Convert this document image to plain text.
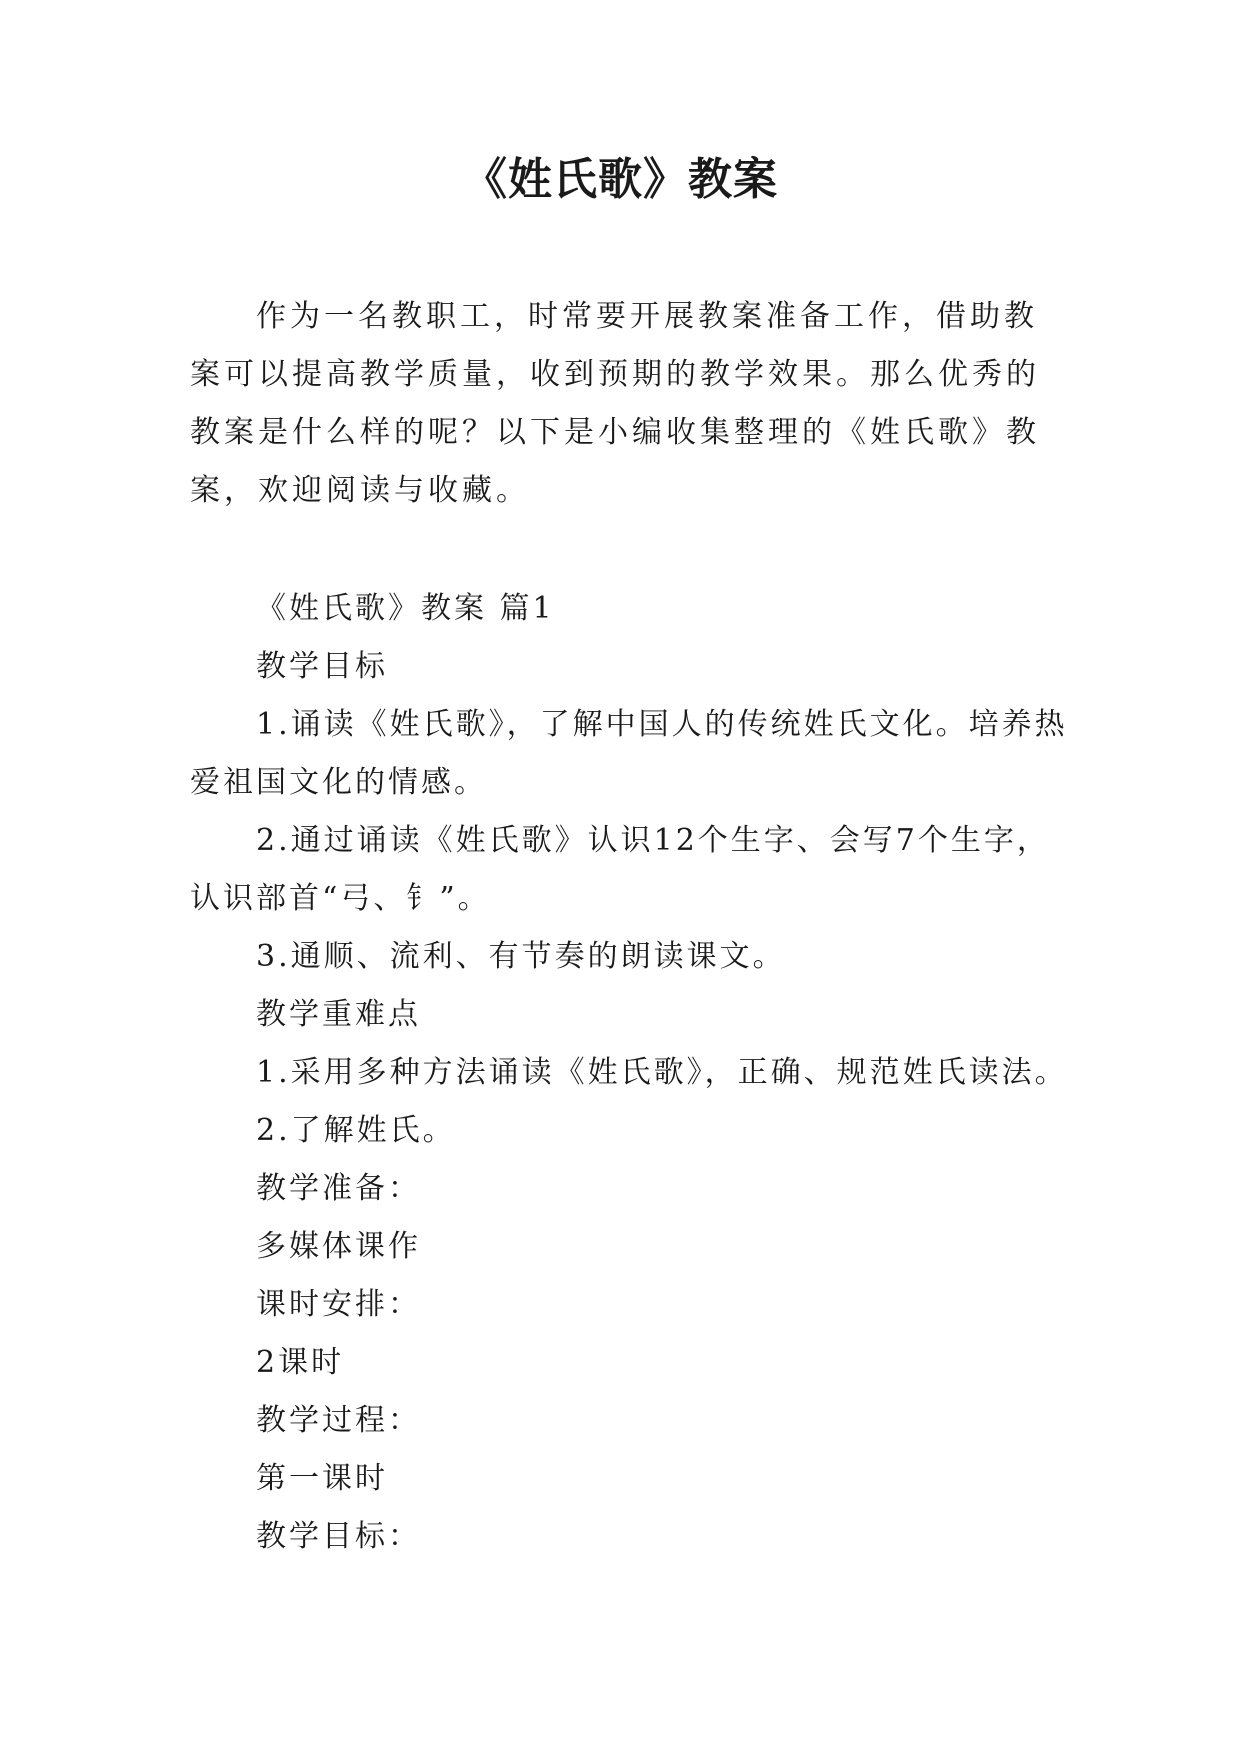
《姓氏歌》教案

作为一名教职工，时常要开展教案准备工作，借助教案可以提高教学质量，收到预期的教学效果。那么优秀的教案是什么样的呢？以下是小编收集整理的《姓氏歌》教案，欢迎阅读与收藏。

《姓氏歌》教案 篇1

教学目标

1.诵读《姓氏歌》，了解中国人的传统姓氏文化。培养热爱祖国文化的情感。

2.通过诵读《姓氏歌》认识12个生字、会写7个生字，认识部首“弓、钅”。

3.通顺、流利、有节奏的朗读课文。

教学重难点

1.采用多种方法诵读《姓氏歌》，正确、规范姓氏读法。

2.了解姓氏。

教学准备：

多媒体课作

课时安排：

2课时

教学过程：

第一课时

教学目标：
